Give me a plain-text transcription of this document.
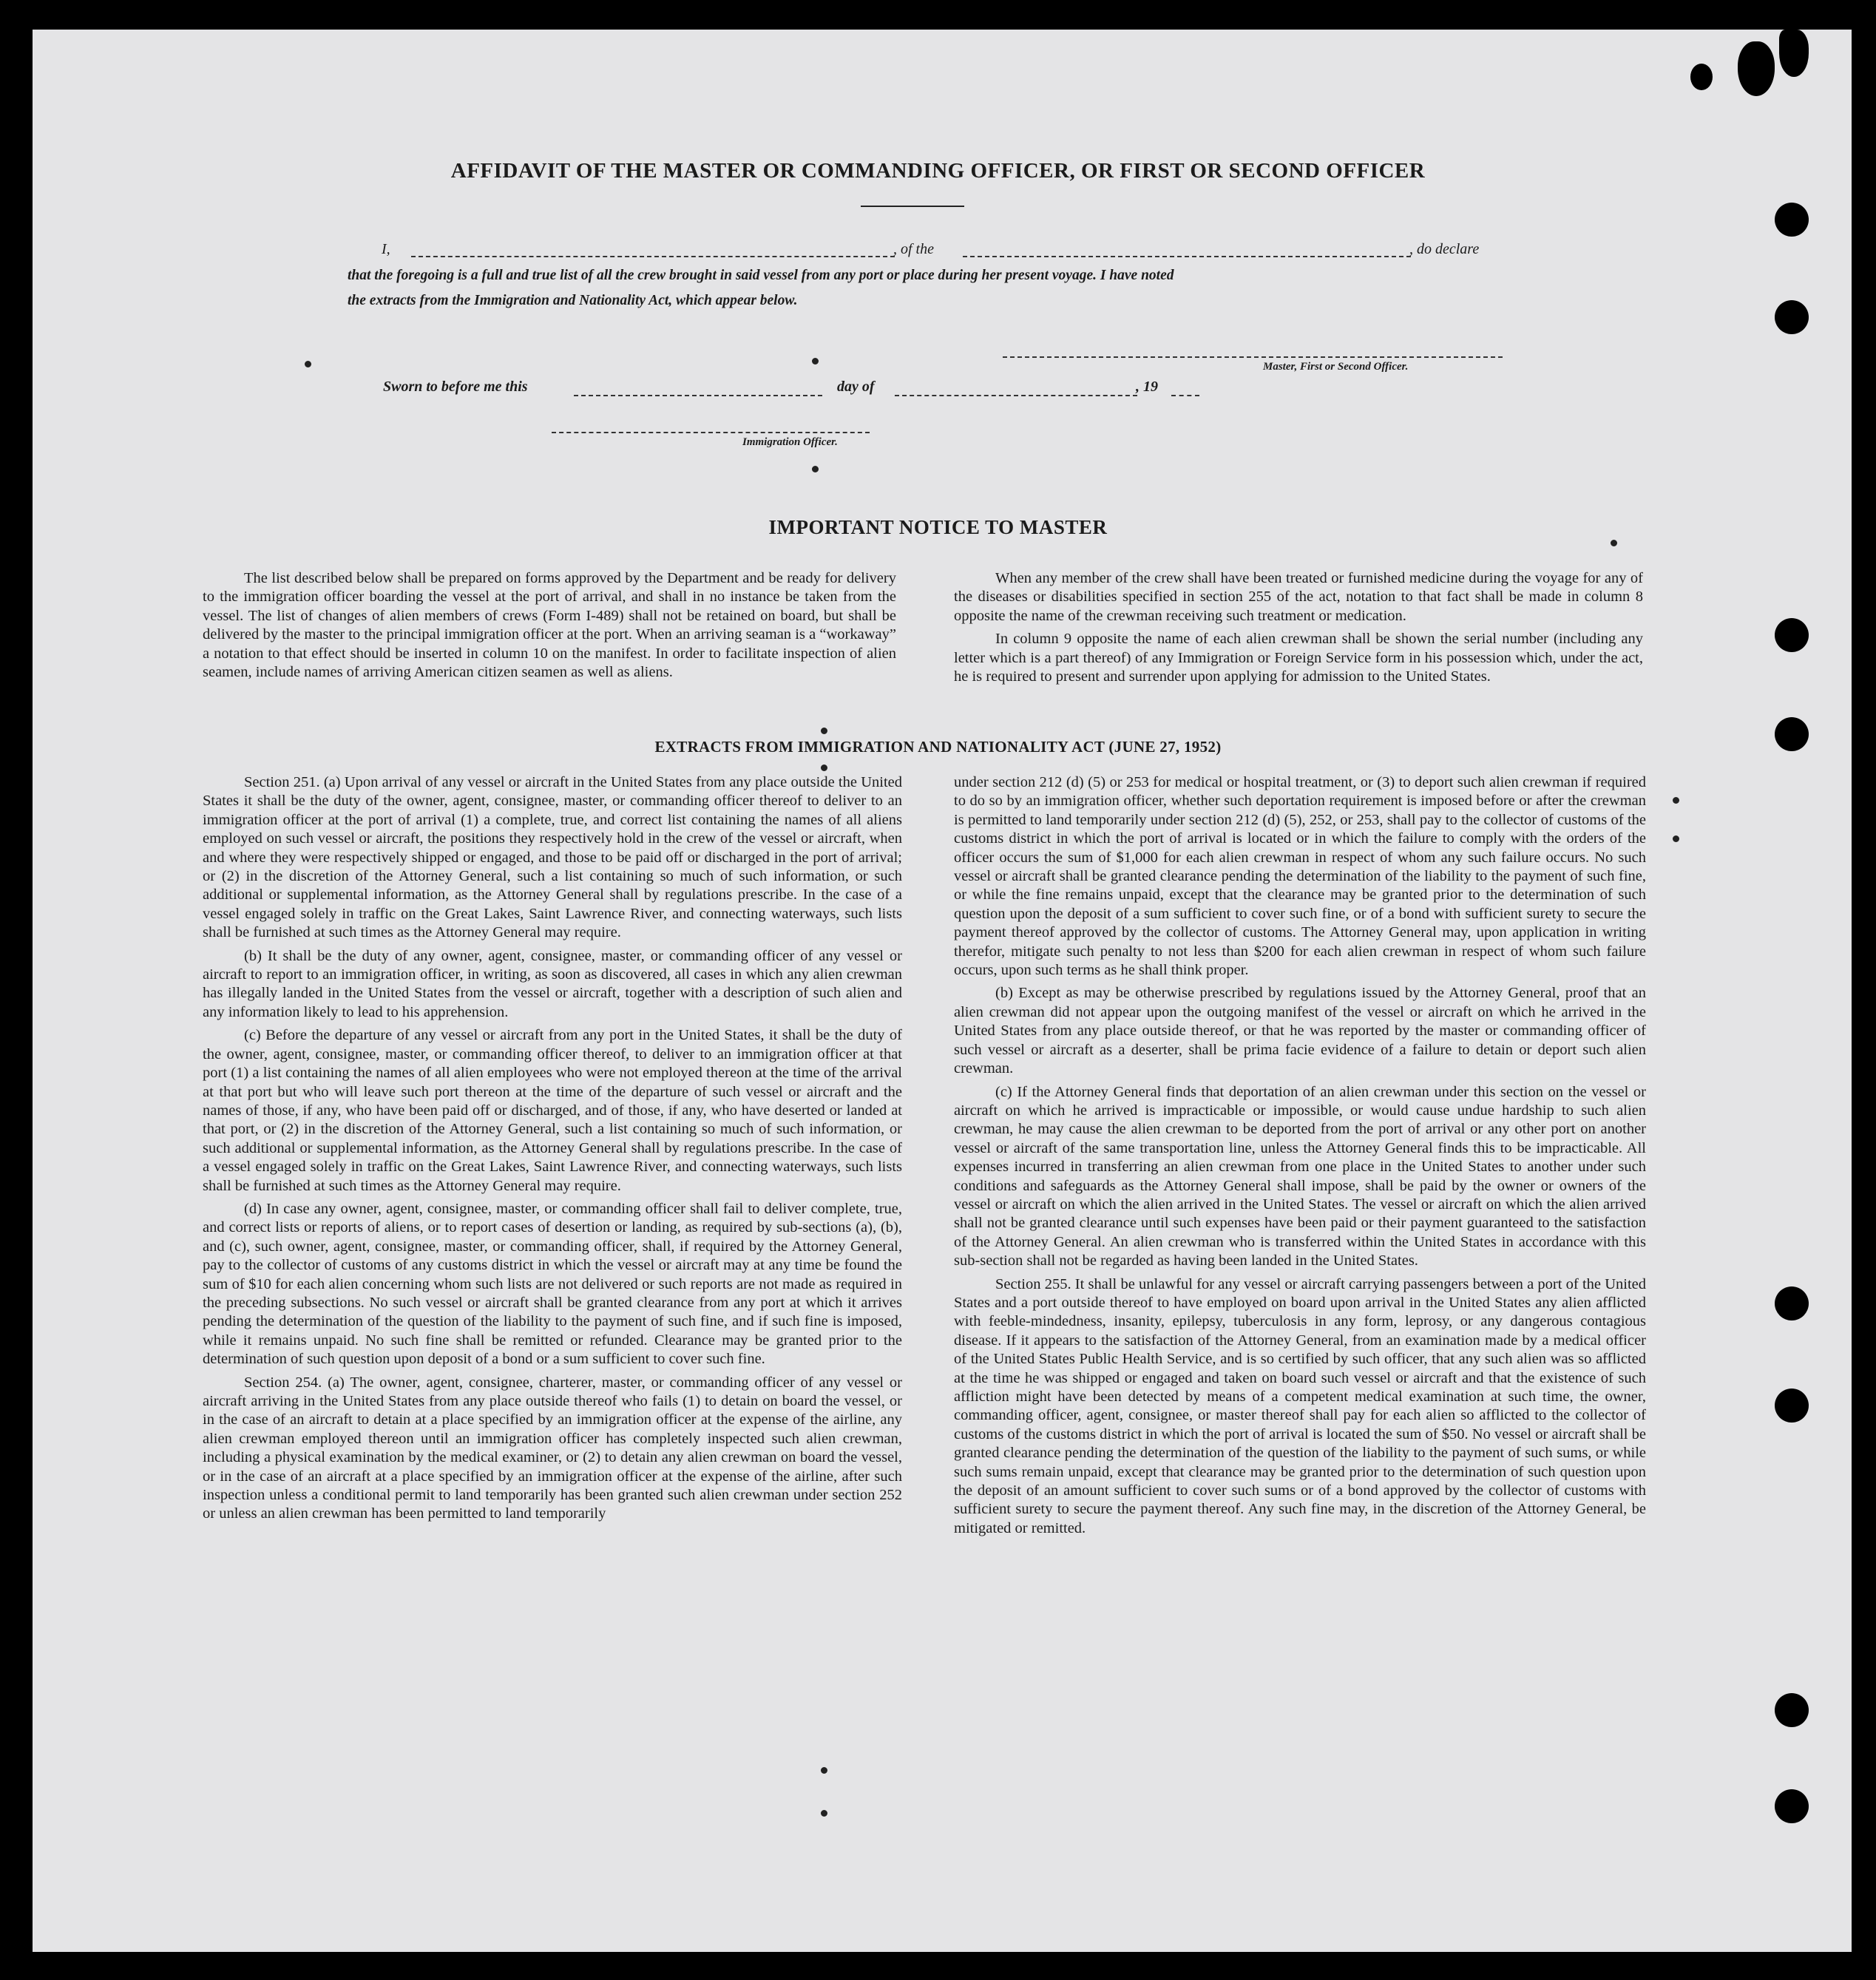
AFFIDAVIT OF THE MASTER OR COMMANDING OFFICER, OR FIRST OR SECOND OFFICER
I,	, of the	, do declare
that the foregoing is a full and true list of all the crew brought in said vessel from any port or place during her present voyage. I have noted
the extracts from the Immigration and Nationality Act, which appear below.
Master, First or Second Officer.
Sworn to before me this	day of	, 19
Immigration Officer.
IMPORTANT NOTICE TO MASTER

The list described below shall be prepared on forms approved by the Department and be ready for delivery to the immigration officer boarding the vessel at the port of arrival, and shall in no instance be taken from the vessel. The list of changes of alien members of crews (Form I-489) shall not be retained on board, but shall be delivered by the master to the principal immigration officer at the port. When an arriving seaman is a “workaway” a notation to that effect should be inserted in column 10 on the manifest. In order to facilitate inspection of alien seamen, include names of arriving American citizen seamen as well as aliens.

When any member of the crew shall have been treated or furnished medicine during the voyage for any of the diseases or disabilities specified in section 255 of the act, notation to that fact shall be made in column 8 opposite the name of the crewman receiving such treatment or medication.

In column 9 opposite the name of each alien crewman shall be shown the serial number (including any letter which is a part thereof) of any Immigration or Foreign Service form in his possession which, under the act, he is required to present and surrender upon applying for admission to the United States.

EXTRACTS FROM IMMIGRATION AND NATIONALITY ACT (JUNE 27, 1952)

Section 251. (a) Upon arrival of any vessel or aircraft in the United States from any place outside the United States it shall be the duty of the owner, agent, consignee, master, or commanding officer thereof to deliver to an immigration officer at the port of arrival (1) a complete, true, and correct list containing the names of all aliens employed on such vessel or aircraft, the positions they respectively hold in the crew of the vessel or aircraft, when and where they were respectively shipped or engaged, and those to be paid off or discharged in the port of arrival; or (2) in the discretion of the Attorney General, such a list containing so much of such information, or such additional or supplemental information, as the Attorney General shall by regulations prescribe. In the case of a vessel engaged solely in traffic on the Great Lakes, Saint Lawrence River, and connecting waterways, such lists shall be furnished at such times as the Attorney General may require.

(b) It shall be the duty of any owner, agent, consignee, master, or commanding officer of any vessel or aircraft to report to an immigration officer, in writing, as soon as discovered, all cases in which any alien crewman has illegally landed in the United States from the vessel or aircraft, together with a description of such alien and any information likely to lead to his apprehension.

(c) Before the departure of any vessel or aircraft from any port in the United States, it shall be the duty of the owner, agent, consignee, master, or commanding officer thereof, to deliver to an immigration officer at that port (1) a list containing the names of all alien employees who were not employed thereon at the time of the arrival at that port but who will leave such port thereon at the time of the departure of such vessel or aircraft and the names of those, if any, who have been paid off or discharged, and of those, if any, who have deserted or landed at that port, or (2) in the discretion of the Attorney General, such a list containing so much of such information, or such additional or supplemental information, as the Attorney General shall by regulations prescribe. In the case of a vessel engaged solely in traffic on the Great Lakes, Saint Lawrence River, and connecting waterways, such lists shall be furnished at such times as the Attorney General may require.

(d) In case any owner, agent, consignee, master, or commanding officer shall fail to deliver complete, true, and correct lists or reports of aliens, or to report cases of desertion or landing, as required by sub-sections (a), (b), and (c), such owner, agent, consignee, master, or commanding officer, shall, if required by the Attorney General, pay to the collector of customs of any customs district in which the vessel or aircraft may at any time be found the sum of $10 for each alien concerning whom such lists are not delivered or such reports are not made as required in the preceding subsections. No such vessel or aircraft shall be granted clearance from any port at which it arrives pending the determination of the question of the liability to the payment of such fine, and if such fine is imposed, while it remains unpaid. No such fine shall be remitted or refunded. Clearance may be granted prior to the determination of such question upon deposit of a bond or a sum sufficient to cover such fine.

Section 254. (a) The owner, agent, consignee, charterer, master, or commanding officer of any vessel or aircraft arriving in the United States from any place outside thereof who fails (1) to detain on board the vessel, or in the case of an aircraft to detain at a place specified by an immigration officer at the expense of the airline, any alien crewman employed thereon until an immigration officer has completely inspected such alien crewman, including a physical examination by the medical examiner, or (2) to detain any alien crewman on board the vessel, or in the case of an aircraft at a place specified by an immigration officer at the expense of the airline, after such inspection unless a conditional permit to land temporarily has been granted such alien crewman under section 252 or unless an alien crewman has been permitted to land temporarily

under section 212 (d) (5) or 253 for medical or hospital treatment, or (3) to deport such alien crewman if required to do so by an immigration officer, whether such deportation requirement is imposed before or after the crewman is permitted to land temporarily under section 212 (d) (5), 252, or 253, shall pay to the collector of customs of the customs district in which the port of arrival is located or in which the failure to comply with the orders of the officer occurs the sum of $1,000 for each alien crewman in respect of whom any such failure occurs. No such vessel or aircraft shall be granted clearance pending the determination of the liability to the payment of such fine, or while the fine remains unpaid, except that the clearance may be granted prior to the determination of such question upon the deposit of a sum sufficient to cover such fine, or of a bond with sufficient surety to secure the payment thereof approved by the collector of customs. The Attorney General may, upon application in writing therefor, mitigate such penalty to not less than $200 for each alien crewman in respect of whom such failure occurs, upon such terms as he shall think proper.

(b) Except as may be otherwise prescribed by regulations issued by the Attorney General, proof that an alien crewman did not appear upon the outgoing manifest of the vessel or aircraft on which he arrived in the United States from any place outside thereof, or that he was reported by the master or commanding officer of such vessel or aircraft as a deserter, shall be prima facie evidence of a failure to detain or deport such alien crewman.

(c) If the Attorney General finds that deportation of an alien crewman under this section on the vessel or aircraft on which he arrived is impracticable or impossible, or would cause undue hardship to such alien crewman, he may cause the alien crewman to be deported from the port of arrival or any other port on another vessel or aircraft of the same transportation line, unless the Attorney General finds this to be impracticable. All expenses incurred in transferring an alien crewman from one place in the United States to another under such conditions and safeguards as the Attorney General shall impose, shall be paid by the owner or owners of the vessel or aircraft on which the alien arrived in the United States. The vessel or aircraft on which the alien arrived shall not be granted clearance until such expenses have been paid or their payment guaranteed to the satisfaction of the Attorney General. An alien crewman who is transferred within the United States in accordance with this sub-section shall not be regarded as having been landed in the United States.

Section 255. It shall be unlawful for any vessel or aircraft carrying passengers between a port of the United States and a port outside thereof to have employed on board upon arrival in the United States any alien afflicted with feeble-mindedness, insanity, epilepsy, tuberculosis in any form, leprosy, or any dangerous contagious disease. If it appears to the satisfaction of the Attorney General, from an examination made by a medical officer of the United States Public Health Service, and is so certified by such officer, that any such alien was so afflicted at the time he was shipped or engaged and taken on board such vessel or aircraft and that the existence of such affliction might have been detected by means of a competent medical examination at such time, the owner, commanding officer, agent, consignee, or master thereof shall pay for each alien so afflicted to the collector of customs of the customs district in which the port of arrival is located the sum of $50. No vessel or aircraft shall be granted clearance pending the determination of the question of the liability to the payment of such sums, or while such sums remain unpaid, except that clearance may be granted prior to the determination of such question upon the deposit of an amount sufficient to cover such sums or of a bond approved by the collector of customs with sufficient surety to secure the payment thereof. Any such fine may, in the discretion of the Attorney General, be mitigated or remitted.
